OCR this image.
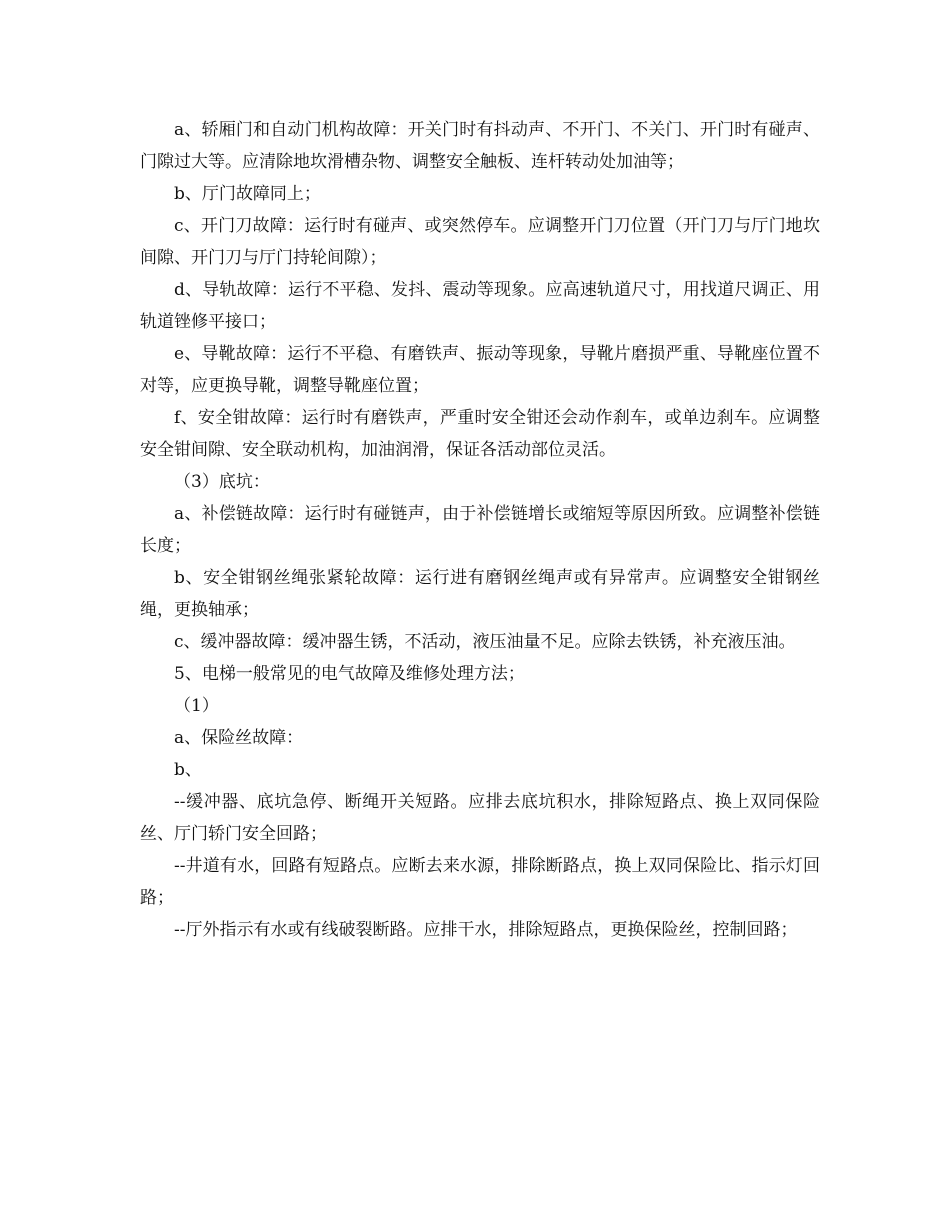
a、轿厢门和自动门机构故障：开关门时有抖动声、不开门、不关门、开门时有碰声、门隙过大等。应清除地坎滑槽杂物、调整安全触板、连杆转动处加油等；

b、厅门故障同上；

c、开门刀故障：运行时有碰声、或突然停车。应调整开门刀位置（开门刀与厅门地坎间隙、开门刀与厅门持轮间隙）；

d、导轨故障：运行不平稳、发抖、震动等现象。应高速轨道尺寸，用找道尺调正、用轨道锉修平接口；

e、导靴故障：运行不平稳、有磨铁声、振动等现象，导靴片磨损严重、导靴座位置不对等，应更换导靴，调整导靴座位置；

f、安全钳故障：运行时有磨铁声，严重时安全钳还会动作刹车，或单边刹车。应调整安全钳间隙、安全联动机构，加油润滑，保证各活动部位灵活。

（3）底坑：

a、补偿链故障：运行时有碰链声，由于补偿链增长或缩短等原因所致。应调整补偿链长度；

b、安全钳钢丝绳张紧轮故障：运行进有磨钢丝绳声或有异常声。应调整安全钳钢丝绳，更换轴承；

c、缓冲器故障：缓冲器生锈，不活动，液压油量不足。应除去铁锈，补充液压油。

5、电梯一般常见的电气故障及维修处理方法；

（1）

a、保险丝故障：

b、

--缓冲器、底坑急停、断绳开关短路。应排去底坑积水，排除短路点、换上双同保险丝、厅门轿门安全回路；

--井道有水，回路有短路点。应断去来水源，排除断路点，换上双同保险比、指示灯回路；

--厅外指示有水或有线破裂断路。应排干水，排除短路点，更换保险丝，控制回路；
